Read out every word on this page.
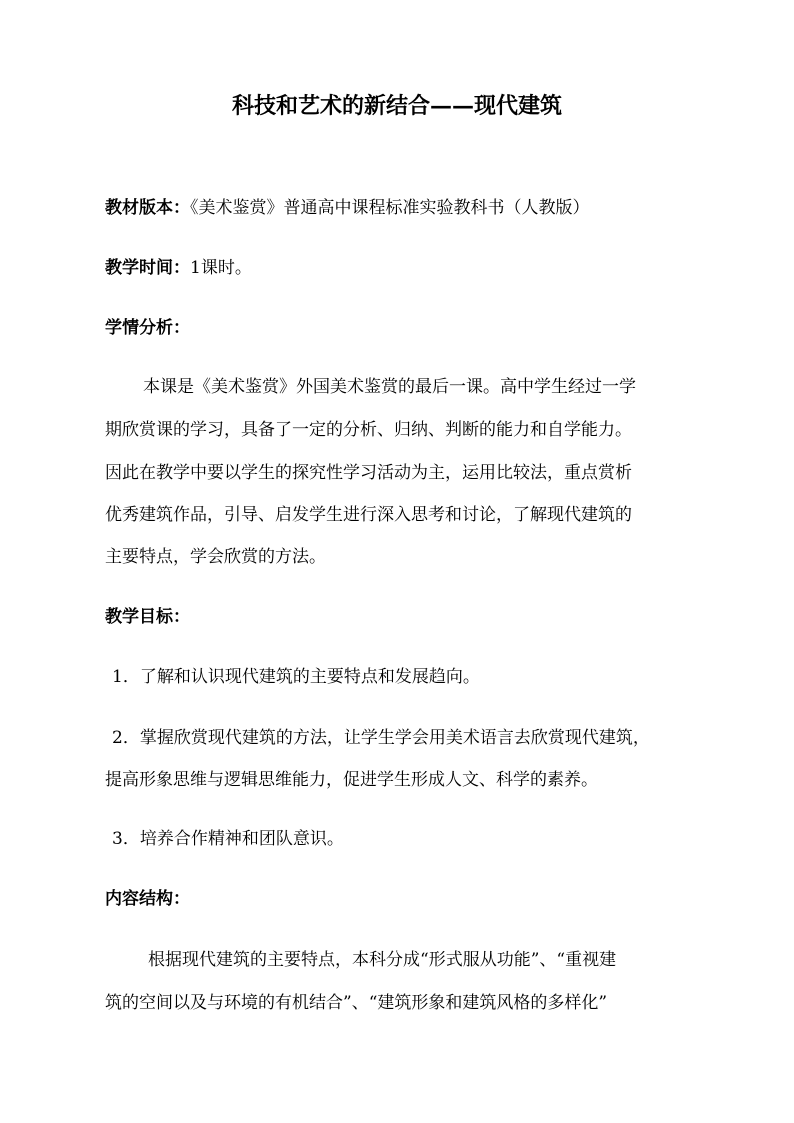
科技和艺术的新结合——现代建筑
教材版本：《美术鉴赏》普通高中课程标准实验教科书（人教版）
教学时间：1课时。
学情分析：
本课是《美术鉴赏》外国美术鉴赏的最后一课。高中学生经过一学
期欣赏课的学习，具备了一定的分析、归纳、判断的能力和自学能力。
因此在教学中要以学生的探究性学习活动为主，运用比较法，重点赏析
优秀建筑作品，引导、启发学生进行深入思考和讨论，了解现代建筑的
主要特点，学会欣赏的方法。
教学目标：
1．了解和认识现代建筑的主要特点和发展趋向。
2．掌握欣赏现代建筑的方法，让学生学会用美术语言去欣赏现代建筑，
提高形象思维与逻辑思维能力，促进学生形成人文、科学的素养。
3．培养合作精神和团队意识。
内容结构：
根据现代建筑的主要特点，本科分成“形式服从功能”、“重视建
筑的空间以及与环境的有机结合”、“建筑形象和建筑风格的多样化”
